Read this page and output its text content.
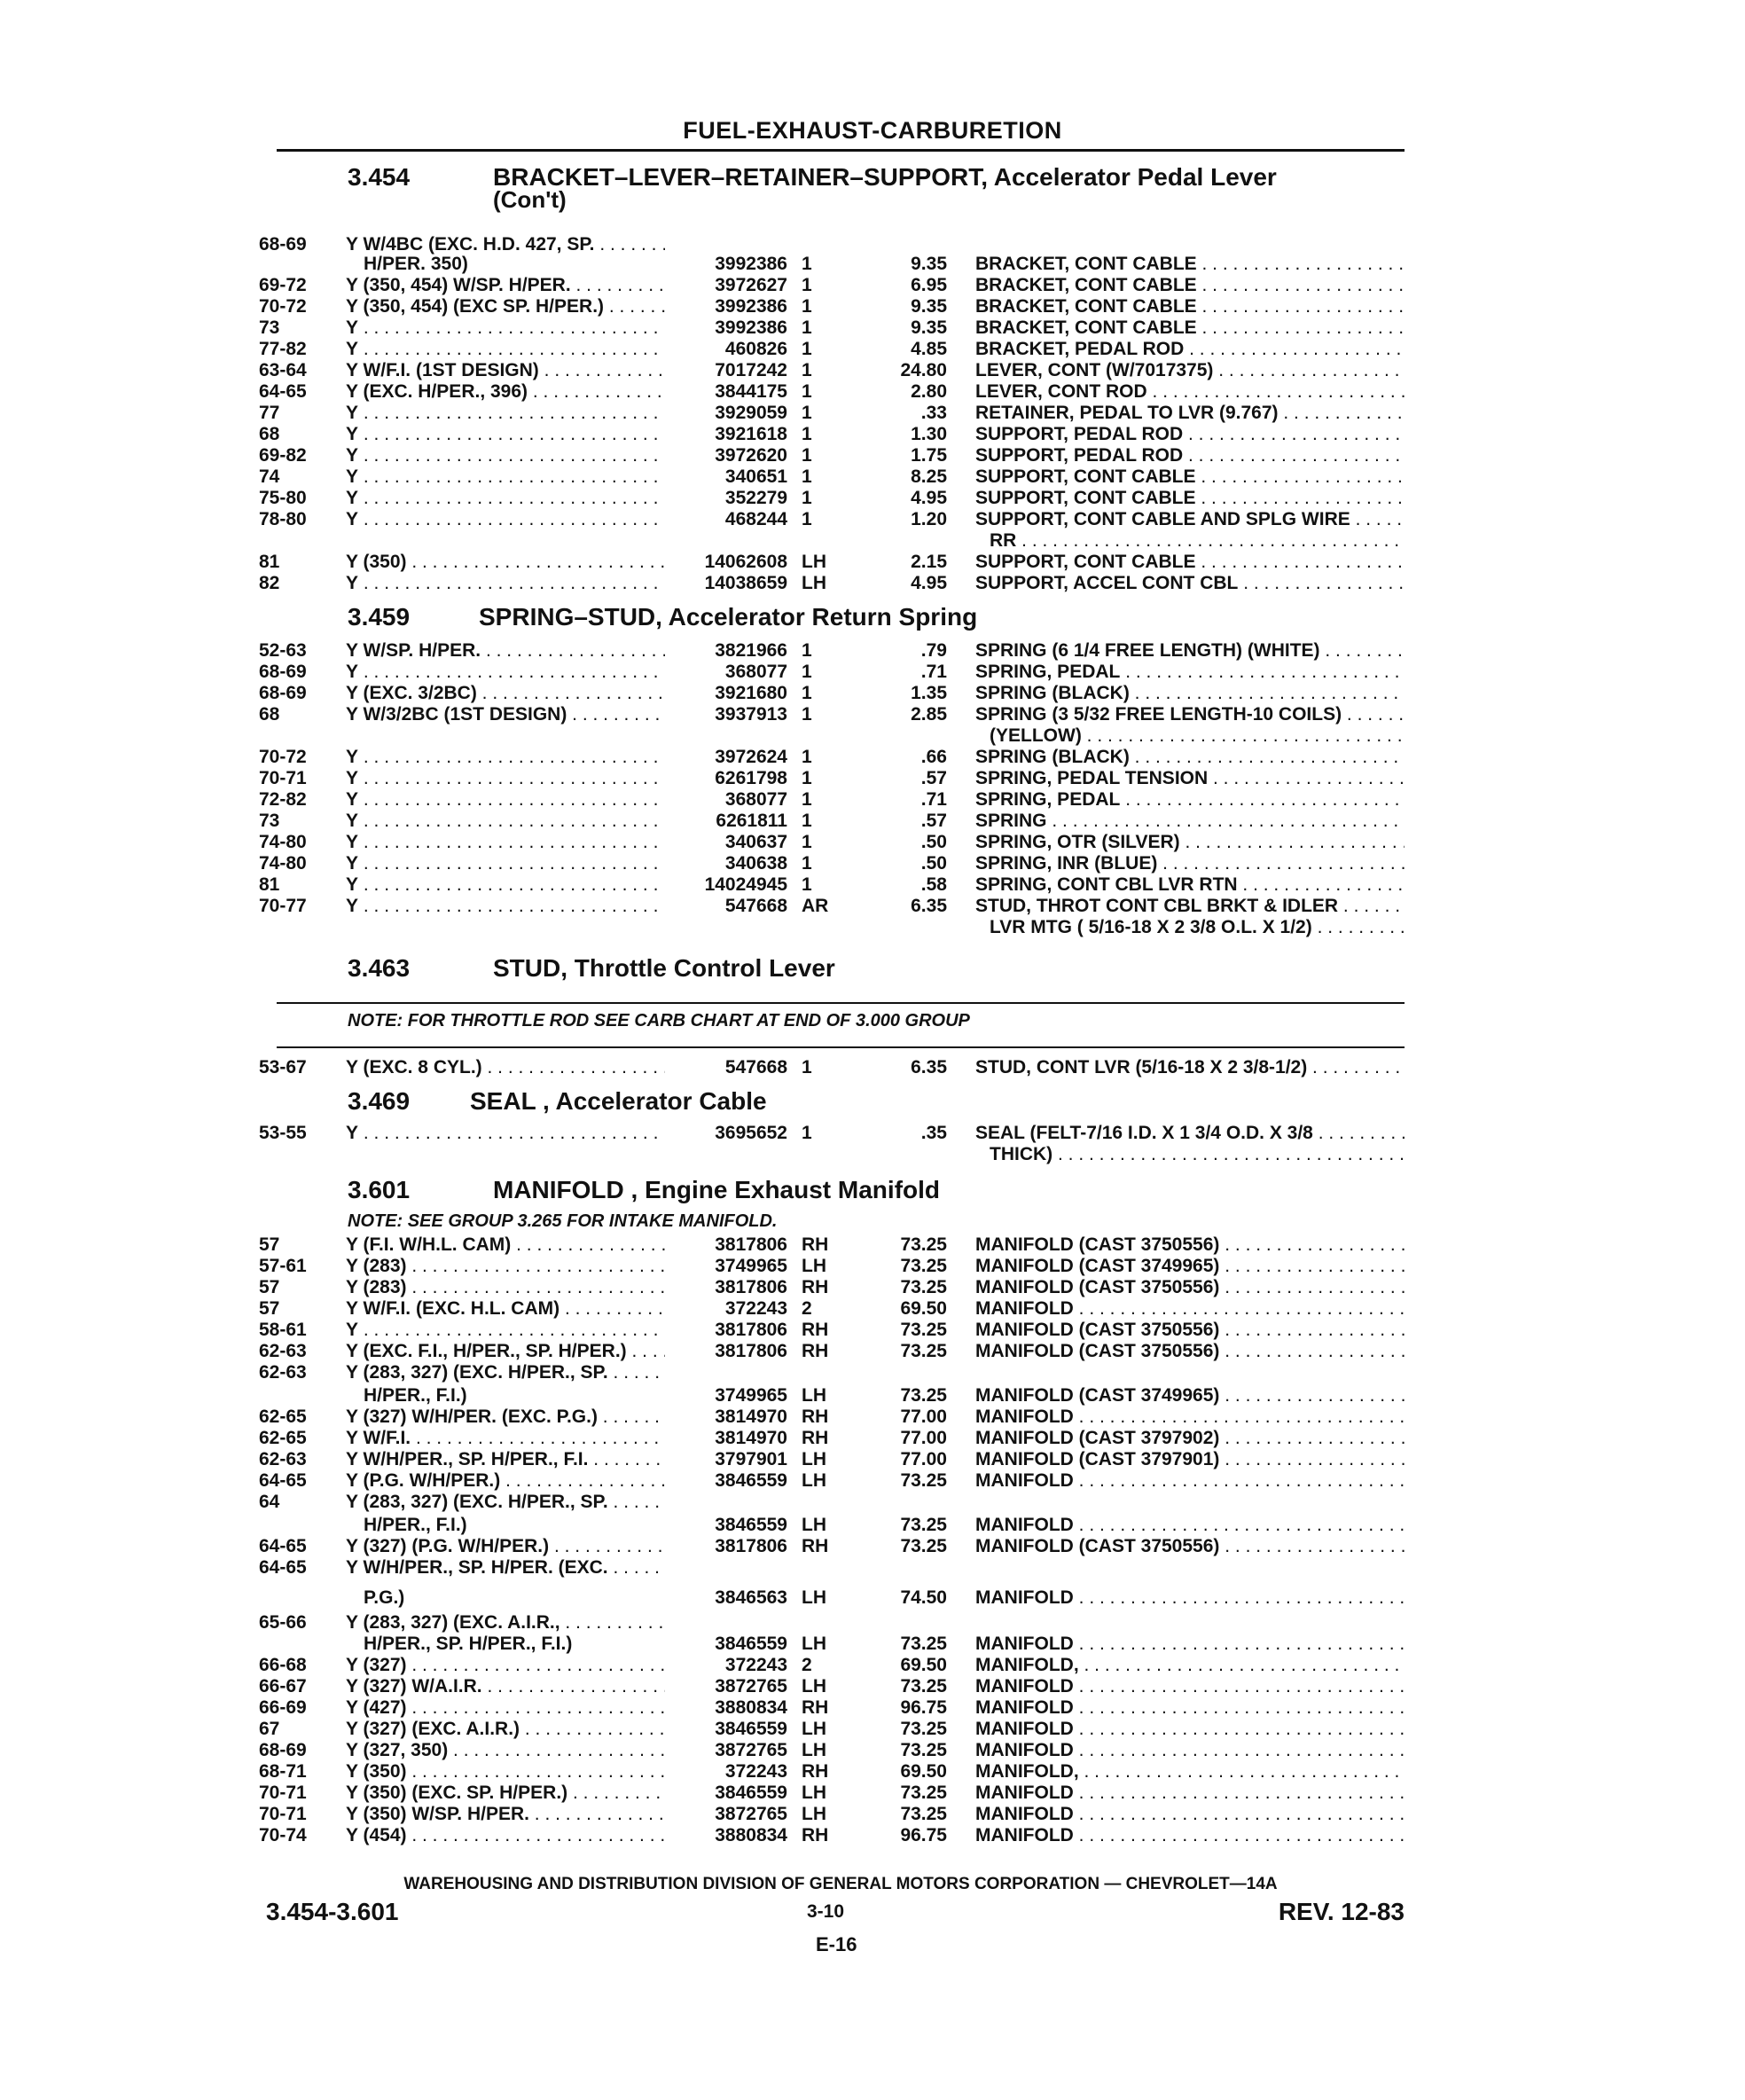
FUEL-EXHAUST-CARBURETION
3.454	BRACKET–LEVER–RETAINER–SUPPORT, Accelerator Pedal Lever
(Con't)
3.459	SPRING–STUD, Accelerator Return Spring
3.463	STUD, Throttle Control Lever
NOTE: FOR THROTTLE ROD SEE CARB CHART AT END OF 3.000 GROUP
3.469 SEAL , Accelerator Cable
3.601	MANIFOLD , Engine Exhaust Manifold
NOTE: SEE GROUP 3.265 FOR INTAKE MANIFOLD.
WAREHOUSING AND DISTRIBUTION DIVISION OF GENERAL MOTORS CORPORATION — CHEVROLET—14A
3.454-3.601	3-10	REV. 12-83
E-16
68-69 Y W/4BC (EXC. H.D. 427, SP. . . .
H/PER. 350)	3992386 1	9.35 BRACKET, CONT CABLE . . .
69-72 Y (350, 454) W/SP. H/PER. . . .	3972627 1	6.95 BRACKET, CONT CABLE . . .
70-72 Y (350, 454) (EXC SP. H/PER.) . . .	3992386 1	9.35 BRACKET, CONT CABLE . . .
73	Y . . .	3992386 1	9.35 BRACKET, CONT CABLE . . .
77-82 Y . . .	460826 1	4.85 BRACKET, PEDAL ROD . . .
63-64 Y W/F.I. (1ST DESIGN) . . .	7017242 1	24.80 LEVER, CONT (W/7017375) . . .
64-65 Y (EXC. H/PER., 396) . . .	3844175 1	2.80 LEVER, CONT ROD . . .
77	Y . . .	3929059 1	.33 RETAINER, PEDAL TO LVR (9.767) . . .
68	Y . . .	3921618 1	1.30 SUPPORT, PEDAL ROD . . .
69-82 Y . . .	3972620 1	1.75 SUPPORT, PEDAL ROD . . .
74	Y . . .	340651 1	8.25 SUPPORT, CONT CABLE . . .
75-80 Y . . .	352279 1	4.95 SUPPORT, CONT CABLE . . .
78-80 Y . . .	468244 1	1.20 SUPPORT, CONT CABLE AND SPLG WIRE . . .
RR . . .
81	Y (350) . . .	14062608 LH	2.15 SUPPORT, CONT CABLE . . .
82	Y . . .	14038659 LH	4.95 SUPPORT, ACCEL CONT CBL . . .
52-63 Y W/SP. H/PER. . . .	3821966 1	.79 SPRING (6 1/4 FREE LENGTH) (WHITE) . . .
68-69 Y . . .	368077 1	.71 SPRING, PEDAL . . .
68-69 Y (EXC. 3/2BC) . . .	3921680 1	1.35 SPRING (BLACK) . . .
68	Y W/3/2BC (1ST DESIGN) . . .	3937913 1	2.85 SPRING (3 5/32 FREE LENGTH-10 COILS) . . .
(YELLOW) . . .
70-72 Y . . .	3972624 1	.66 SPRING (BLACK) . . .
70-71 Y . . .	6261798 1	.57 SPRING, PEDAL TENSION . . .
72-82 Y . . .	368077 1	.71 SPRING, PEDAL . . .
73	Y . . .	6261811 1	.57 SPRING . . .
74-80 Y . . .	340637 1	.50 SPRING, OTR (SILVER) . . .
74-80 Y . . .	340638 1	.50 SPRING, INR (BLUE) . . .
81	Y . . .	14024945 1	.58 SPRING, CONT CBL LVR RTN . . .
70-77 Y . . .	547668 AR	6.35 STUD, THROT CONT CBL BRKT & IDLER . . .
LVR MTG ( 5/16-18 X 2 3/8 O.L. X 1/2) . . .
53-67 Y (EXC. 8 CYL.) . . .	547668 1	6.35 STUD, CONT LVR (5/16-18 X 2 3/8-1/2) . . .
53-55 Y . . .	3695652 1	.35 SEAL (FELT-7/16 I.D. X 1 3/4 O.D. X 3/8 . . .
THICK) . . .
57	Y (F.I. W/H.L. CAM) . . .	3817806 RH	73.25 MANIFOLD (CAST 3750556) . . .
57-61 Y (283) . . .	3749965 LH	73.25 MANIFOLD (CAST 3749965) . . .
57	Y (283) . . .	3817806 RH	73.25 MANIFOLD (CAST 3750556) . . .
57	Y W/F.I. (EXC. H.L. CAM) . . .	372243 2	69.50 MANIFOLD . . .
58-61 Y . . .	3817806 RH	73.25 MANIFOLD (CAST 3750556) . . .
62-63 Y (EXC. F.I., H/PER., SP. H/PER.) . . .	3817806 RH	73.25 MANIFOLD (CAST 3750556) . . .
62-63 Y (283, 327) (EXC. H/PER., SP. . . .
H/PER., F.I.)	3749965 LH	73.25 MANIFOLD (CAST 3749965) . . .
62-65 Y (327) W/H/PER. (EXC. P.G.) . . .	3814970 RH	77.00 MANIFOLD . . .
62-65 Y W/F.I. . . .	3814970 RH	77.00 MANIFOLD (CAST 3797902) . . .
62-63 Y W/H/PER., SP. H/PER., F.I. . . .	3797901 LH	77.00 MANIFOLD (CAST 3797901) . . .
64-65 Y (P.G. W/H/PER.) . . .	3846559 LH	73.25 MANIFOLD . . .
64	Y (283, 327) (EXC. H/PER., SP. . . .
H/PER., F.I.)	3846559 LH	73.25 MANIFOLD . . .
64-65 Y (327) (P.G. W/H/PER.) . . .	3817806 RH	73.25 MANIFOLD (CAST 3750556) . . .
64-65 Y W/H/PER., SP. H/PER. (EXC. . . .
P.G.)	3846563 LH	74.50 MANIFOLD . . .
65-66 Y (283, 327) (EXC. A.I.R., . . .
H/PER., SP. H/PER., F.I.)	3846559 LH	73.25 MANIFOLD . . .
66-68 Y (327) . . .	372243 2	69.50 MANIFOLD, . . .
66-67 Y (327) W/A.I.R. . . .	3872765 LH	73.25 MANIFOLD . . .
66-69 Y (427) . . .	3880834 RH	96.75 MANIFOLD . . .
67	Y (327) (EXC. A.I.R.) . . .	3846559 LH	73.25 MANIFOLD . . .
68-69 Y (327, 350) . . .	3872765 LH	73.25 MANIFOLD . . .
68-71 Y (350) . . .	372243 RH	69.50 MANIFOLD, . . .
70-71 Y (350) (EXC. SP. H/PER.) . . .	3846559 LH	73.25 MANIFOLD . . .
70-71 Y (350) W/SP. H/PER. . . .	3872765 LH	73.25 MANIFOLD . . .
70-74 Y (454) . . .	3880834 RH	96.75 MANIFOLD . . .
